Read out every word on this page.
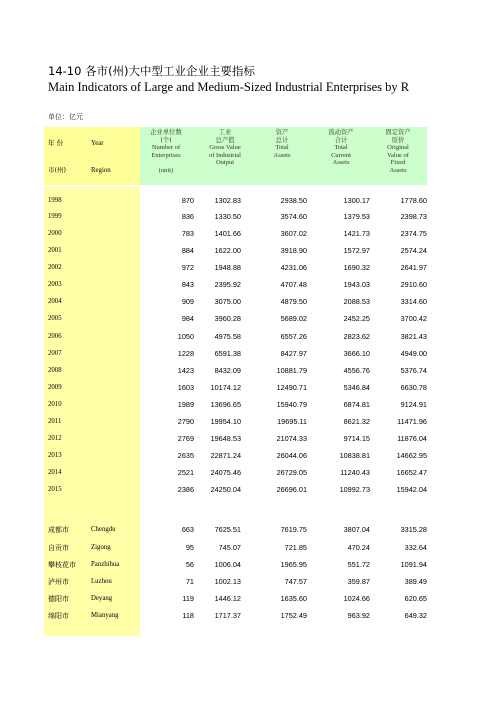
14-10 各市(州)大中型工业企业主要指标
Main Indicators of Large and Medium-Sized Industrial Enterprises by R
单位：亿元
年 份	Year
市(州)	Region
企业单位数
(个)
Number of
Enterprises
(unit)
工业
总产值
Gross Value
of Industrial
Output
资产
总计
Total
Assets
流动资产
合计
Total
Current
Assets
固定资产
原价
Original
Value of
Fixed
Assets
1998	870	1302.83	2938.50	1300.17	1778.60
1999	836	1330.50	3574.60	1379.53	2398.73
2000	783	1401.66	3607.02	1421.73	2374.75
2001	884	1622.00	3918.90	1572.97	2574.24
2002	972	1948.88	4231.06	1690.32	2641.97
2003	843	2395.92	4707.48	1943.03	2910.60
2004	909	3075.00	4879.50	2088.53	3314.60
2005	984	3960.28	5689.02	2452.25	3700.42
2006	1050	4975.58	6557.26	2823.62	3821.43
2007	1228	6591.38	8427.97	3666.10	4949.00
2008	1423	8432.09	10881.79	4556.76	5376.74
2009	1603 10174.12	12490.71	5346.84	6630.78
2010	1989 13696.65	15940.79	6874.81	9124.91
2011	2790 19954.10	19695.11	8621.32	11471.96
2012	2769 19648.53	21074.33	9714.15	11876.04
2013	2635 22871.24	26044.06	10838.81	14662.95
2014	2521 24075.46	26729.05	11240.43	16652.47
2015	2386 24250.04	26696.01	10992.73	15942.04
成都市	Chengdu	663	7625.51	7619.75	3807.04	3315.28
自贡市	Zigong	95	745.07	721.85	470.24	332.64
攀枝花市 Panzhihua	56	1006.04	1965.95	551.72	1091.94
泸州市	Luzhou	71	1002.13	747.57	359.87	389.49
德阳市	Deyang	119	1446.12	1635.60	1024.66	620.65
绵阳市	Mianyang	118	1717.37	1752.49	963.92	649.32
